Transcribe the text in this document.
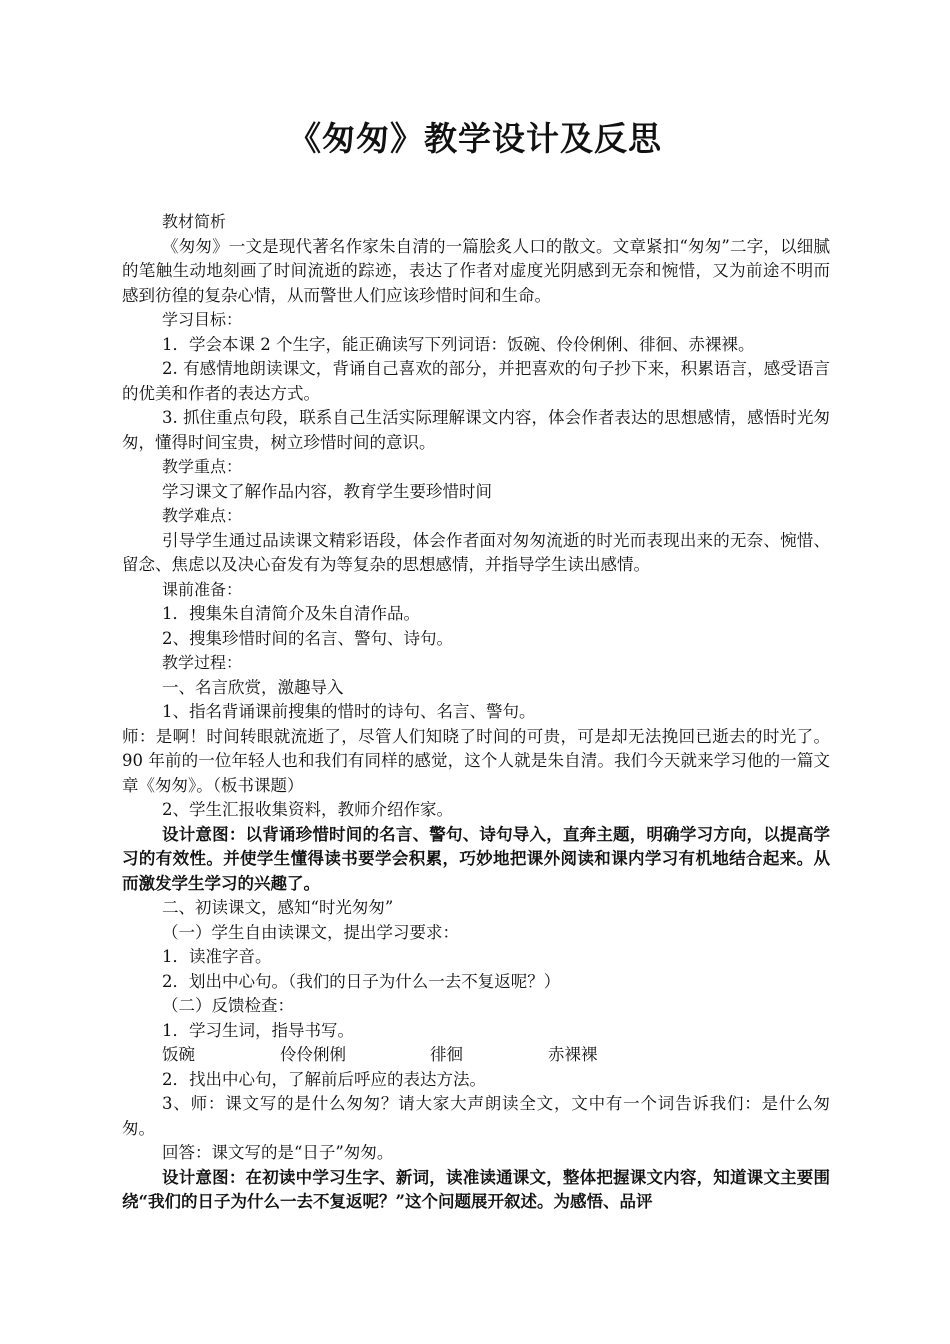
《匆匆》教学设计及反思

教材简析

《匆匆》一文是现代著名作家朱自清的一篇脍炙人口的散文。文章紧扣“匆匆”二字，以细腻的笔触生动地刻画了时间流逝的踪迹，表达了作者对虚度光阴感到无奈和惋惜，又为前途不明而感到彷徨的复杂心情，从而警世人们应该珍惜时间和生命。

学习目标：

1．学会本课 2 个生字，能正确读写下列词语：饭碗、伶伶俐俐、徘徊、赤裸裸。

2. 有感情地朗读课文，背诵自己喜欢的部分，并把喜欢的句子抄下来，积累语言，感受语言的优美和作者的表达方式。

3. 抓住重点句段，联系自己生活实际理解课文内容，体会作者表达的思想感情，感悟时光匆匆，懂得时间宝贵，树立珍惜时间的意识。

教学重点：

学习课文了解作品内容，教育学生要珍惜时间

教学难点：

引导学生通过品读课文精彩语段，体会作者面对匆匆流逝的时光而表现出来的无奈、惋惜、留念、焦虑以及决心奋发有为等复杂的思想感情，并指导学生读出感情。

课前准备：

1．搜集朱自清简介及朱自清作品。

2、搜集珍惜时间的名言、警句、诗句。

教学过程：

一、名言欣赏，激趣导入

1、指名背诵课前搜集的惜时的诗句、名言、警句。

师：是啊！时间转眼就流逝了，尽管人们知晓了时间的可贵，可是却无法挽回已逝去的时光了。90 年前的一位年轻人也和我们有同样的感觉，这个人就是朱自清。我们今天就来学习他的一篇文章《匆匆》。（板书课题）

2、学生汇报收集资料，教师介绍作家。

设计意图：以背诵珍惜时间的名言、警句、诗句导入，直奔主题，明确学习方向，以提高学习的有效性。并使学生懂得读书要学会积累，巧妙地把课外阅读和课内学习有机地结合起来。从而激发学生学习的兴趣了。

二、初读课文，感知“时光匆匆”

（一）学生自由读课文，提出学习要求：

1．读准字音。

2．划出中心句。（我们的日子为什么一去不复返呢？）

（二）反馈检查：

1．学习生词，指导书写。

饭碗	伶伶俐俐	徘徊	赤裸裸

2．找出中心句，了解前后呼应的表达方法。

3、师：课文写的是什么匆匆？请大家大声朗读全文，文中有一个词告诉我们：是什么匆匆。

回答：课文写的是“日子”匆匆。

设计意图：在初读中学习生字、新词，读准读通课文，整体把握课文内容，知道课文主要围绕“我们的日子为什么一去不复返呢？”这个问题展开叙述。为感悟、品评
